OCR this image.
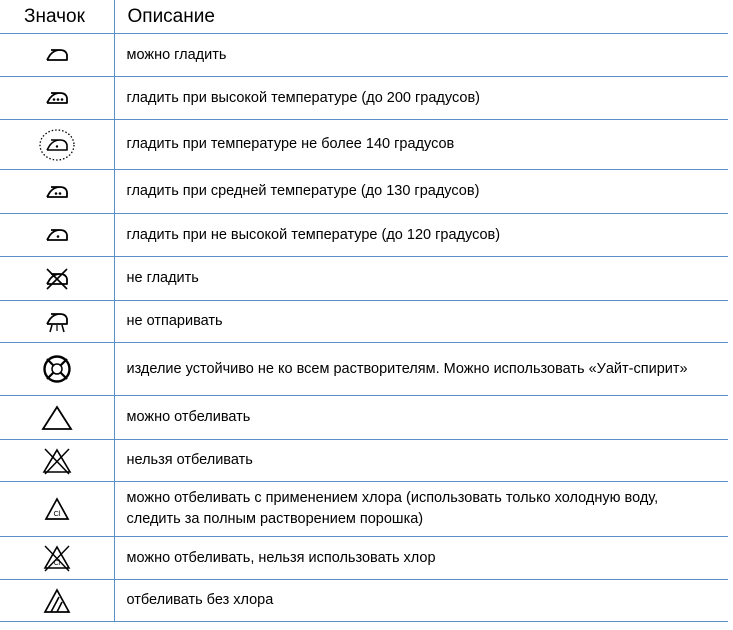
Значок	Описание

	можно гладить

	гладить при высокой температуре (до 200 градусов)

	гладить при температуре не более 140 градусов

	гладить при средней температуре (до 130 градусов)

	гладить при не высокой температуре (до 120 градусов)

	не гладить

	не отпаривать

	изделие устойчиво не ко всем растворителям. Можно использовать «Уайт-спирит»

	можно отбеливать

	нельзя отбеливать

Cl	можно отбеливать с применением хлора (использовать только холодную воду, следить за полным растворением порошка)

Cl	можно отбеливать, нельзя использовать хлор

	отбеливать без хлора
